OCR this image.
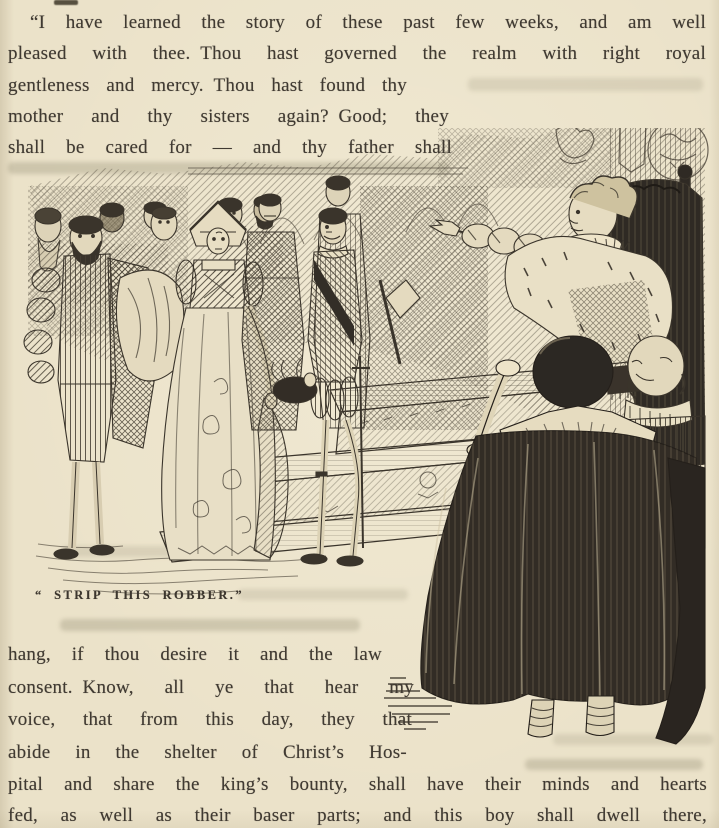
“ STRIP THIS ROBBER.”
“I have learned the story of these past few weeks, and am well
pleased with thee. Thou hast governed the realm with right royal
gentleness and mercy. Thou hast found thy
mother and thy sisters again? Good; they
shall be cared for — and thy father shall
hang, if thou desire it and the law
consent. Know, all ye that hear my
voice, that from this day, they that
abide in the shelter of Christ’s Hos-
pital and share the king’s bounty, shall have their minds and hearts
fed, as well as their baser parts; and this boy shall dwell there,
